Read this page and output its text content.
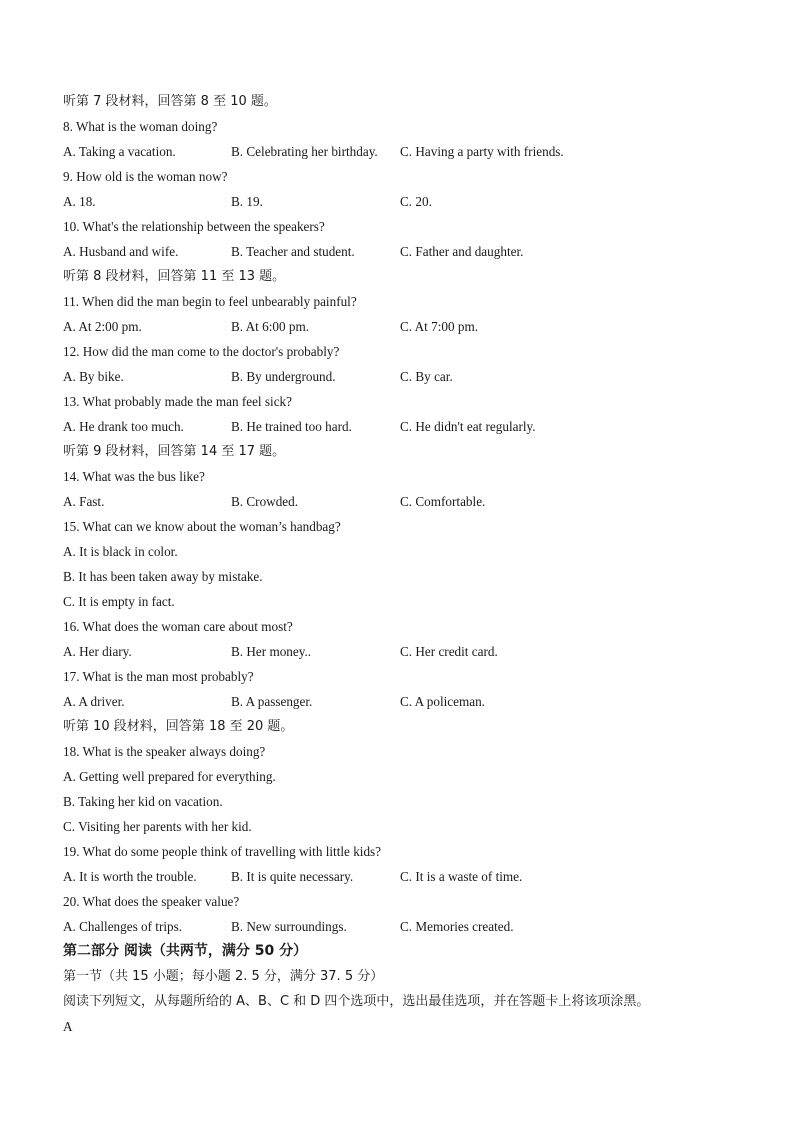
听第 7 段材料，回答第 8 至 10 题。
8. What is the woman doing?
A. Taking a vacation.	B. Celebrating her birthday.	C. Having a party with friends.
9. How old is the woman now?
A. 18.	B. 19.	C. 20.
10. What's the relationship between the speakers?
A. Husband and wife.	B. Teacher and student.	C. Father and daughter.
听第 8 段材料，回答第 11 至 13 题。
11. When did the man begin to feel unbearably painful?
A. At 2:00 pm.	B. At 6:00 pm.	C. At 7:00 pm.
12. How did the man come to the doctor's probably?
A. By bike.	B. By underground.	C. By car.
13. What probably made the man feel sick?
A. He drank too much.	B. He trained too hard.	C. He didn't eat regularly.
听第 9 段材料，回答第 14 至 17 题。
14. What was the bus like?
A. Fast.	B. Crowded.	C. Comfortable.
15. What can we know about the woman’s handbag?
A. It is black in color.
B. It has been taken away by mistake.
C. It is empty in fact.
16. What does the woman care about most?
A. Her diary.	B. Her money..	C. Her credit card.
17. What is the man most probably?
A. A driver.	B. A passenger.	C. A policeman.
听第 10 段材料，回答第 18 至 20 题。
18. What is the speaker always doing?
A. Getting well prepared for everything.
B. Taking her kid on vacation.
C. Visiting her parents with her kid.
19. What do some people think of travelling with little kids?
A. It is worth the trouble.	B. It is quite necessary.	C. It is a waste of time.
20. What does the speaker value?
A. Challenges of trips.	B. New surroundings.	C. Memories created.
第二部分 阅读（共两节，满分 50 分）
第一节（共 15 小题；每小题 2. 5 分，满分 37. 5 分）
阅读下列短文，从每题所给的 A、B、C 和 D 四个选项中，选出最佳选项，并在答题卡上将该项涂黑。
A
